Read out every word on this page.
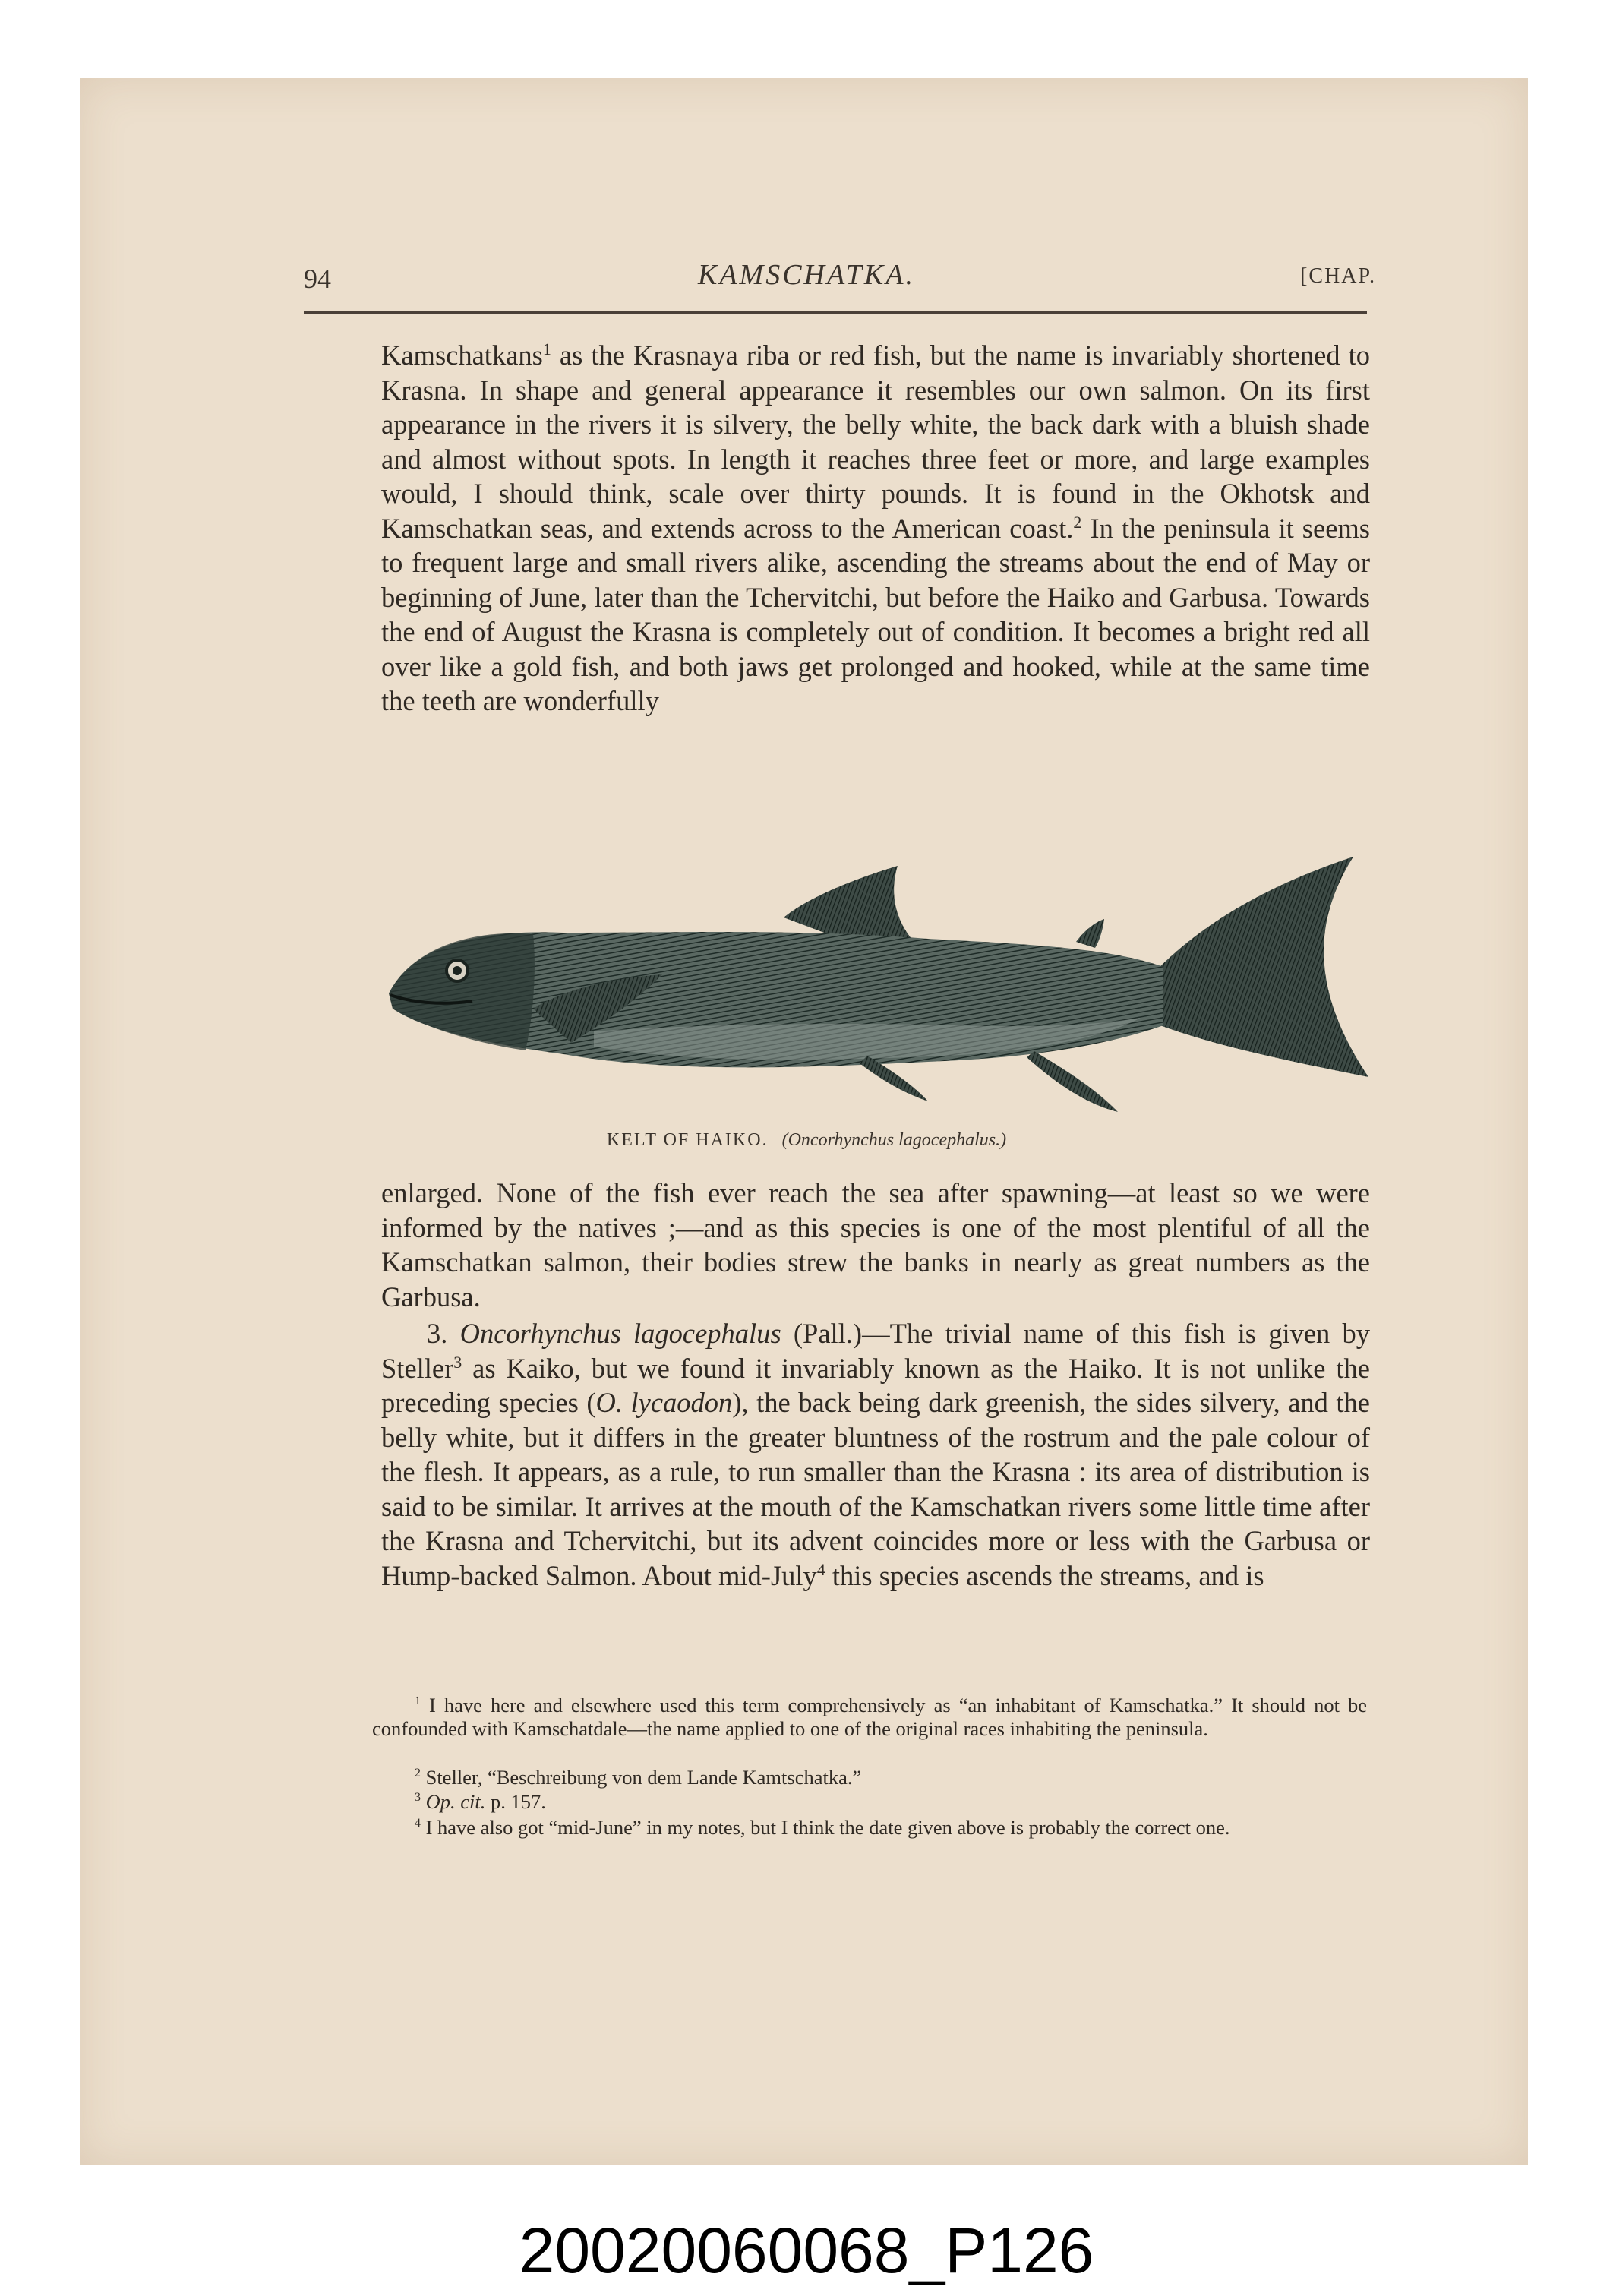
94	KAMSCHATKA.	[CHAP.

Kamschatkans$^1$ as the Krasnaya riba or red fish, but the name is invariably shortened to Krasna. In shape and general appearance it resembles our own salmon. On its first appearance in the rivers it is silvery, the belly white, the back dark with a bluish shade and almost without spots. In length it reaches three feet or more, and large examples would, I should think, scale over thirty pounds. It is found in the Okhotsk and Kamschatkan seas, and extends across to the American coast.$^2$ In the peninsula it seems to frequent large and small rivers alike, ascending the streams about the end of May or beginning of June, later than the Tchervitchi, but before the Haiko and Garbusa. Towards the end of August the Krasna is completely out of condition. It becomes a bright red all over like a gold fish, and both jaws get prolonged and hooked, while at the same time the teeth are wonderfully

KELT OF HAIKO. (Oncorhynchus lagocephalus.)

enlarged. None of the fish ever reach the sea after spawning—at least so we were informed by the natives ;—and as this species is one of the most plentiful of all the Kamschatkan salmon, their bodies strew the banks in nearly as great numbers as the Garbusa.

3. Oncorhynchus lagocephalus (Pall.)—The trivial name of this fish is given by Steller$^3$ as Kaiko, but we found it invariably known as the Haiko. It is not unlike the preceding species (O. lycaodon), the back being dark greenish, the sides silvery, and the belly white, but it differs in the greater bluntness of the rostrum and the pale colour of the flesh. It appears, as a rule, to run smaller than the Krasna : its area of distribution is said to be similar. It arrives at the mouth of the Kamschatkan rivers some little time after the Krasna and Tchervitchi, but its advent coincides more or less with the Garbusa or Hump-backed Salmon. About mid-July$^4$ this species ascends the streams, and is

$^1$ I have here and elsewhere used this term comprehensively as “an inhabitant of Kamschatka.” It should not be confounded with Kamschatdale—the name applied to one of the original races inhabiting the peninsula.

$^2$ Steller, “Beschreibung von dem Lande Kamtschatka.”

$^3$ Op. cit. p. 157.

$^4$ I have also got “mid-June” in my notes, but I think the date given above is probably the correct one.

20020060068_P126
